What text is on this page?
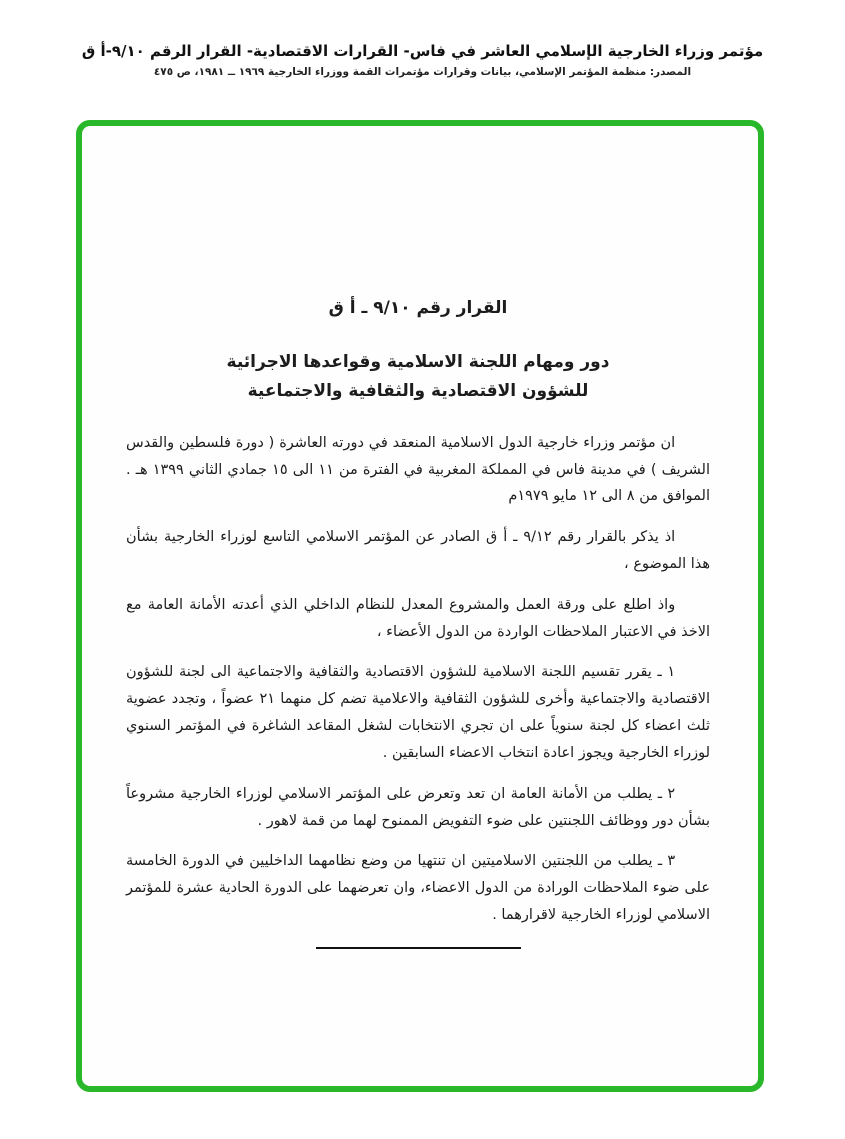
مؤتمر وزراء الخارجية الإسلامي العاشر في فاس- القرارات الاقتصادية- القرار الرقم ٩/١٠-أ ق

المصدر: منظمة المؤتمر الإسلامي، بيانات وقرارات مؤتمرات القمة ووزراء الخارجية ١٩٦٩ ــ ١٩٨١، ص ٤٧٥

القرار رقم ٩/١٠ ـ أ ق

دور ومهام اللجنة الاسلامية وقواعدها الاجرائية
للشؤون الاقتصادية والثقافية والاجتماعية

ان مؤتمر وزراء خارجية الدول الاسلامية المنعقد في دورته العاشرة ( دورة فلسطين والقدس الشريف ) في مدينة فاس في المملكة المغربية في الفترة من ١١ الى ١٥ جمادي الثاني ١٣٩٩ هـ . الموافق من ٨ الى ١٢ مايو ١٩٧٩م

اذ يذكر بالقرار رقم ٩/١٢ ـ أ ق الصادر عن المؤتمر الاسلامي التاسع لوزراء الخارجية بشأن هذا الموضوع ،

واذ اطلع على ورقة العمل والمشروع المعدل للنظام الداخلي الذي أعدته الأمانة العامة مع الاخذ في الاعتبار الملاحظات الواردة من الدول الأعضاء ،

١ ـ يقرر تقسيم اللجنة الاسلامية للشؤون الاقتصادية والثقافية والاجتماعية الى لجنة للشؤون الاقتصادية والاجتماعية وأخرى للشؤون الثقافية والاعلامية تضم كل منهما ٢١ عضواً ، وتجدد عضوية ثلث اعضاء كل لجنة سنوياً على ان تجري الانتخابات لشغل المقاعد الشاغرة في المؤتمر السنوي لوزراء الخارجية ويجوز اعادة انتخاب الاعضاء السابقين .

٢ ـ يطلب من الأمانة العامة ان تعد وتعرض على المؤتمر الاسلامي لوزراء الخارجية مشروعاً بشأن دور ووظائف اللجنتين على ضوء التفويض الممنوح لهما من قمة لاهور .

٣ ـ يطلب من اللجنتين الاسلاميتين ان تنتهيا من وضع نظامهما الداخليين في الدورة الخامسة على ضوء الملاحظات الورادة من الدول الاعضاء، وان تعرضهما على الدورة الحادية عشرة للمؤتمر الاسلامي لوزراء الخارجية لاقرارهما .
